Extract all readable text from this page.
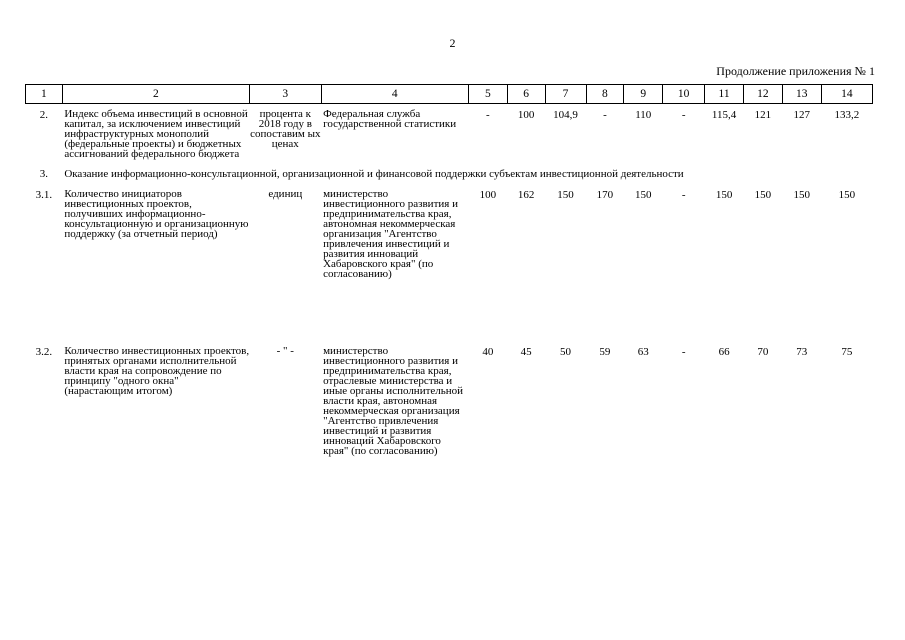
2
Продолжение приложения № 1
1	2	3	4	5	6	7	8	9	10	11	12	13	14

2.	Индекс объема инвестиций в основной капитал, за исключением инвестиций инфраструктурных монополий (федеральные проекты) и бюджетных ассигнований федерального бюджета	процента к 2018 году в сопоставим ых ценах	Федеральная служба государственной статистики	-	100	104,9	-	110	-	115,4	121	127	133,2
3.	Оказание информационно-консультационной, организационной и финансовой поддержки субъектам инвестиционной деятельности												
3.1.	Количество инициаторов инвестиционных проектов, получивших информационно-консультационную и организационную поддержку (за отчетный период)	единиц	министерство инвестиционного развития и предпринимательства края, автономная некоммерческая организация "Агентство привлечения инвестиций и развития инноваций Хабаровского края" (по согласованию)	100	162	150	170	150	-	150	150	150	150
3.2.	Количество инвестиционных проектов, принятых органами исполнительной власти края на сопровождение по принципу "одного окна" (нарастающим итогом)	- " -	министерство инвестиционного развития и предпринимательства края, отраслевые министерства и иные органы исполнительной власти края, автономная некоммерческая организация "Агентство привлечения инвестиций и развития инноваций Хабаровского края" (по согласованию)	40	45	50	59	63	-	66	70	73	75
